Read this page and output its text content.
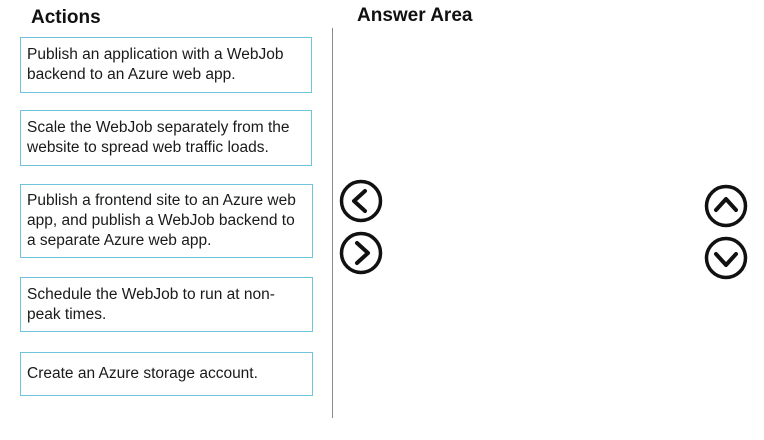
Actions	Answer Area
Publish an application with a WebJob backend to an Azure web app.
Scale the WebJob separately from the website to spread web traffic loads.
Publish a frontend site to an Azure web app, and publish a WebJob backend to a separate Azure web app.
Schedule the WebJob to run at non-peak times.
Create an Azure storage account.
